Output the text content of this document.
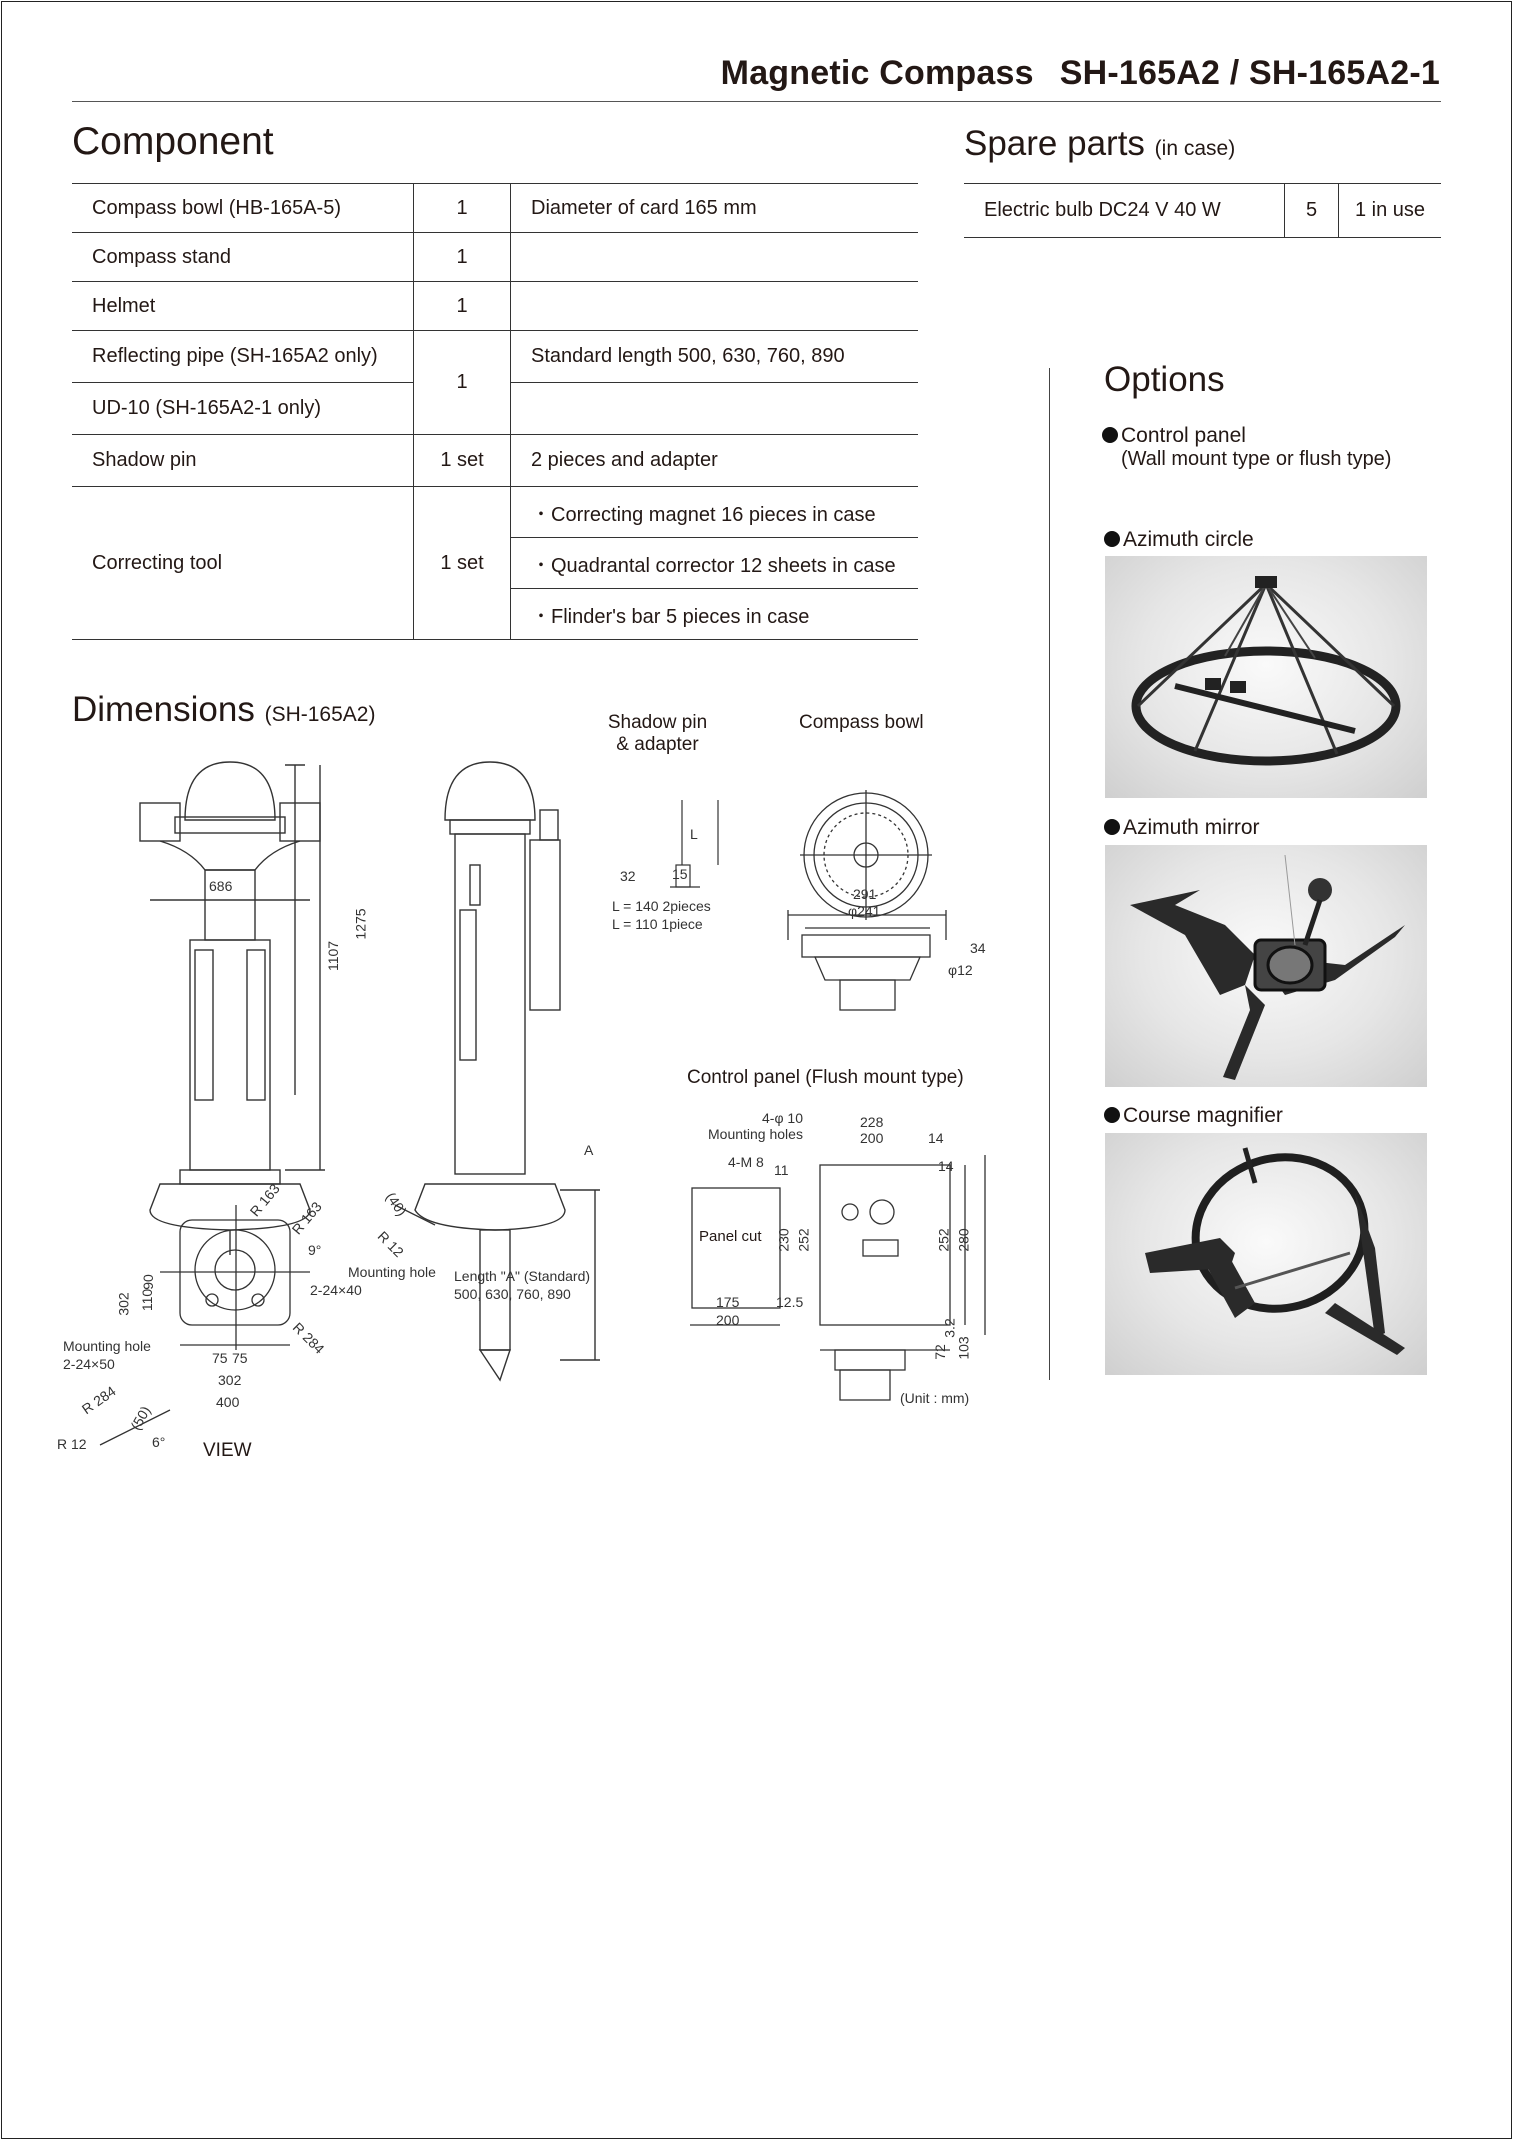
Magnetic Compass SH-165A2 / SH-165A2-1
Component
Compass bowl (HB-165A-5)	1	Diameter of card 165 mm
Compass stand	1	
Helmet	1	
Reflecting pipe (SH-165A2 only)	1	Standard length 500, 630, 760, 890
UD-10 (SH-165A2-1 only)		
Shadow pin	1 set	2 pieces and adapter
Correcting tool	1 set	・Correcting magnet 16 pieces in case
		・Quadrantal corrector 12 sheets in case
		・Flinder's bar 5 pieces in case
Spare parts (in case)
Electric bulb DC24 V 40 W	5	1 in use
Options
Control panel
(Wall mount type or flush type)
Azimuth circle
Azimuth mirror
Course magnifier
Dimensions (SH-165A2)	Shadow pin
& adapter
Compass bowl
Control panel (Flush mount type)
686
1107
1275
A
32
L
15
L = 140 2pieces
L = 110 1piece
291
φ241
34
φ12
Length "A" (Standard)
500, 630, 760, 890
4-φ 10
Mounting holes
4-M 8
228
200	14
14
11
Panel cut 230 252	252 280
175
200
12.5
3.2
72 103
(Unit : mm)
R 163 R 163	(40)
R 12
9°
Mounting hole
2-24×40
302 110
90
R 284
75 75
302
400
Mounting hole
2-24×50
R 284
(50)
R 12	6° VIEW
